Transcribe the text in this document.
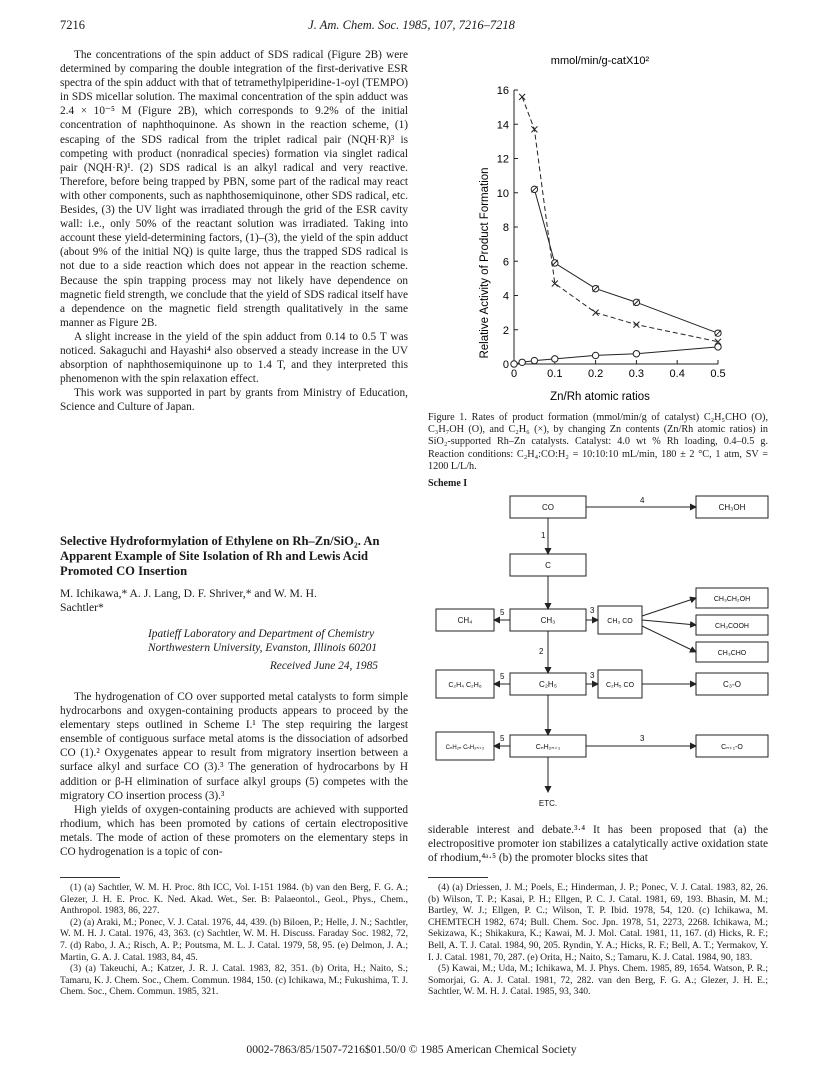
7216	J. Am. Chem. Soc. 1985, 107, 7216–7218

The concentrations of the spin adduct of SDS radical (Figure 2B) were determined by comparing the double integration of the first-derivative ESR spectra of the spin adduct with that of tetramethylpiperidine-1-oyl (TEMPO) in SDS micellar solution. The maximal concentration of the spin adduct was 2.4 × 10⁻⁵ M (Figure 2B), which corresponds to 9.2% of the initial concentration of naphthoquinone. As shown in the reaction scheme, (1) escaping of the SDS radical from the triplet radical pair (NQH·R)³ is competing with product (nonradical species) formation via singlet radical pair (NQH·R)¹. (2) SDS radical is an alkyl radical and very reactive. Therefore, before being trapped by PBN, some part of the radical may react with other components, such as naphthosemiquinone, other SDS radical, etc. Besides, (3) the UV light was irradiated through the grid of the ESR cavity wall: i.e., only 50% of the reactant solution was irradiated. Taking into account these yield-determining factors, (1)–(3), the yield of the spin adduct (about 9% of the initial NQ) is quite large, thus the trapped SDS radical is not due to a side reaction which does not appear in the reaction scheme. Because the spin trapping process may not likely have dependence on magnetic field strength, we conclude that the yield of SDS radical itself have a dependence on the magnetic field strength qualitatively in the same manner as Figure 2B.

A slight increase in the yield of the spin adduct from 0.14 to 0.5 T was noticed. Sakaguchi and Hayashi⁴ also observed a steady increase in the UV absorption of naphthosemiquinone up to 1.4 T, and they interpreted this phenomenon with the spin relaxation effect.

This work was supported in part by grants from Ministry of Education, Science and Culture of Japan.

Selective Hydroformylation of Ethylene on Rh–Zn/SiO₂. An Apparent Example of Site Isolation of Rh and Lewis Acid Promoted CO Insertion
M. Ichikawa,* A. J. Lang, D. F. Shriver,* and W. M. H. Sachtler*
Ipatieff Laboratory and Department of Chemistry Northwestern University, Evanston, Illinois 60201
Received June 24, 1985

The hydrogenation of CO over supported metal catalysts to form simple hydrocarbons and oxygen-containing products appears to proceed by the elementary steps outlined in Scheme I.¹ The step requiring the largest ensemble of contiguous surface metal atoms is the dissociation of adsorbed CO (1).² Oxygenates appear to result from migratory insertion between a surface alkyl and surface CO (3).³ The generation of hydrocarbons by H addition or β-H elimination of surface alkyl groups (5) competes with the migratory CO insertion process (3).³

High yields of oxygen-containing products are achieved with supported rhodium, which has been promoted by cations of certain electropositive metals. The mode of action of these promoters on the elementary steps in CO hydrogenation is a topic of con-

(1) (a) Sachtler, W. M. H. Proc. 8th ICC, Vol. I-151 1984. (b) van den Berg, F. G. A.; Glezer, J. H. E. Proc. K. Ned. Akad. Wet., Ser. B: Palaeontol., Geol., Phys., Chem., Anthropol. 1983, 86, 227.

(2) (a) Araki, M.; Ponec, V. J. Catal. 1976, 44, 439. (b) Biloen, P.; Helle, J. N.; Sachtler, W. M. H. J. Catal. 1976, 43, 363. (c) Sachtler, W. M. H. Discuss. Faraday Soc. 1982, 72, 7. (d) Rabo, J. A.; Risch, A. P.; Poutsma, M. L. J. Catal. 1979, 58, 95. (e) Delmon, J. A.; Martin, G. A. J. Catal. 1983, 84, 45.

(3) (a) Takeuchi, A.; Katzer, J. R. J. Catal. 1983, 82, 351. (b) Orita, H.; Naito, S.; Tamaru, K. J. Chem. Soc., Chem. Commun. 1984, 150. (c) Ichikawa, M.; Fukushima, T. J. Chem. Soc., Chem. Commun. 1985, 321.

mmol/min/g-catX10²
Relative Activity of Product Formation
Zn/Rh atomic ratios
0	0.1 0.2 0.3 0.4 0.5
0
2
4
6
8
10
12
14
16
Figure 1. Rates of product formation (mmol/min/g of catalyst) C₂H₅CHO (O), C₃H₇OH (O), and C₂H₆ (×), by changing Zn contents (Zn/Rh atomic ratios) in SiO₂-supported Rh–Zn catalysts. Catalyst: 4.0 wt % Rh loading, 0.4–0.5 g. Reaction conditions: C₂H₄:CO:H₂ = 10:10:10 mL/min, 180 ± 2 °C, 1 atm, SV = 1200 L/L/h.
Scheme I
CO	CH₃OH
C
CH₃CH₂OH
CH₄	CH₃	CH₃ CO
CH₃COOH
CH₃CHO
C₂H₄ C₂H₆	C₂H₅	C₂H₅ CO	C₃-O
CₙH₂ₙ CₙH₂ₙ₊₂	CₙH₂ₙ₊₁	Cₙ₊₁-O
ETC.
4
1
5	3
2
5	3
5	3

siderable interest and debate.³·⁴ It has been proposed that (a) the electropositive promoter ion stabilizes a catalytically active oxidation state of rhodium,⁴ᵃ·⁵ (b) the promoter blocks sites that

(4) (a) Driessen, J. M.; Poels, E.; Hinderman, J. P.; Ponec, V. J. Catal. 1983, 82, 26. (b) Wilson, T. P.; Kasai, P. H.; Ellgen, P. C. J. Catal. 1981, 69, 193. Bhasin, M. M.; Bartley, W. J.; Ellgen, P. C.; Wilson, T. P. Ibid. 1978, 54, 120. (c) Ichikawa, M. CHEMTECH 1982, 674; Bull. Chem. Soc. Jpn. 1978, 51, 2273, 2268. Ichikawa, M.; Sekizawa, K.; Shikakura, K.; Kawai, M. J. Mol. Catal. 1981, 11, 167. (d) Hicks, R. F.; Bell, A. T. J. Catal. 1984, 90, 205. Ryndin, Y. A.; Hicks, R. F.; Bell, A. T.; Yermakov, Y. I. J. Catal. 1981, 70, 287. (e) Orita, H.; Naito, S.; Tamaru, K. J. Catal. 1984, 90, 183.

(5) Kawai, M.; Uda, M.; Ichikawa, M. J. Phys. Chem. 1985, 89, 1654. Watson, P. R.; Somorjai, G. A. J. Catal. 1981, 72, 282. van den Berg, F. G. A.; Glezer, J. H. E.; Sachtler, W. M. H. J. Catal. 1985, 93, 340.

0002-7863/85/1507-7216$01.50/0 © 1985 American Chemical Society
